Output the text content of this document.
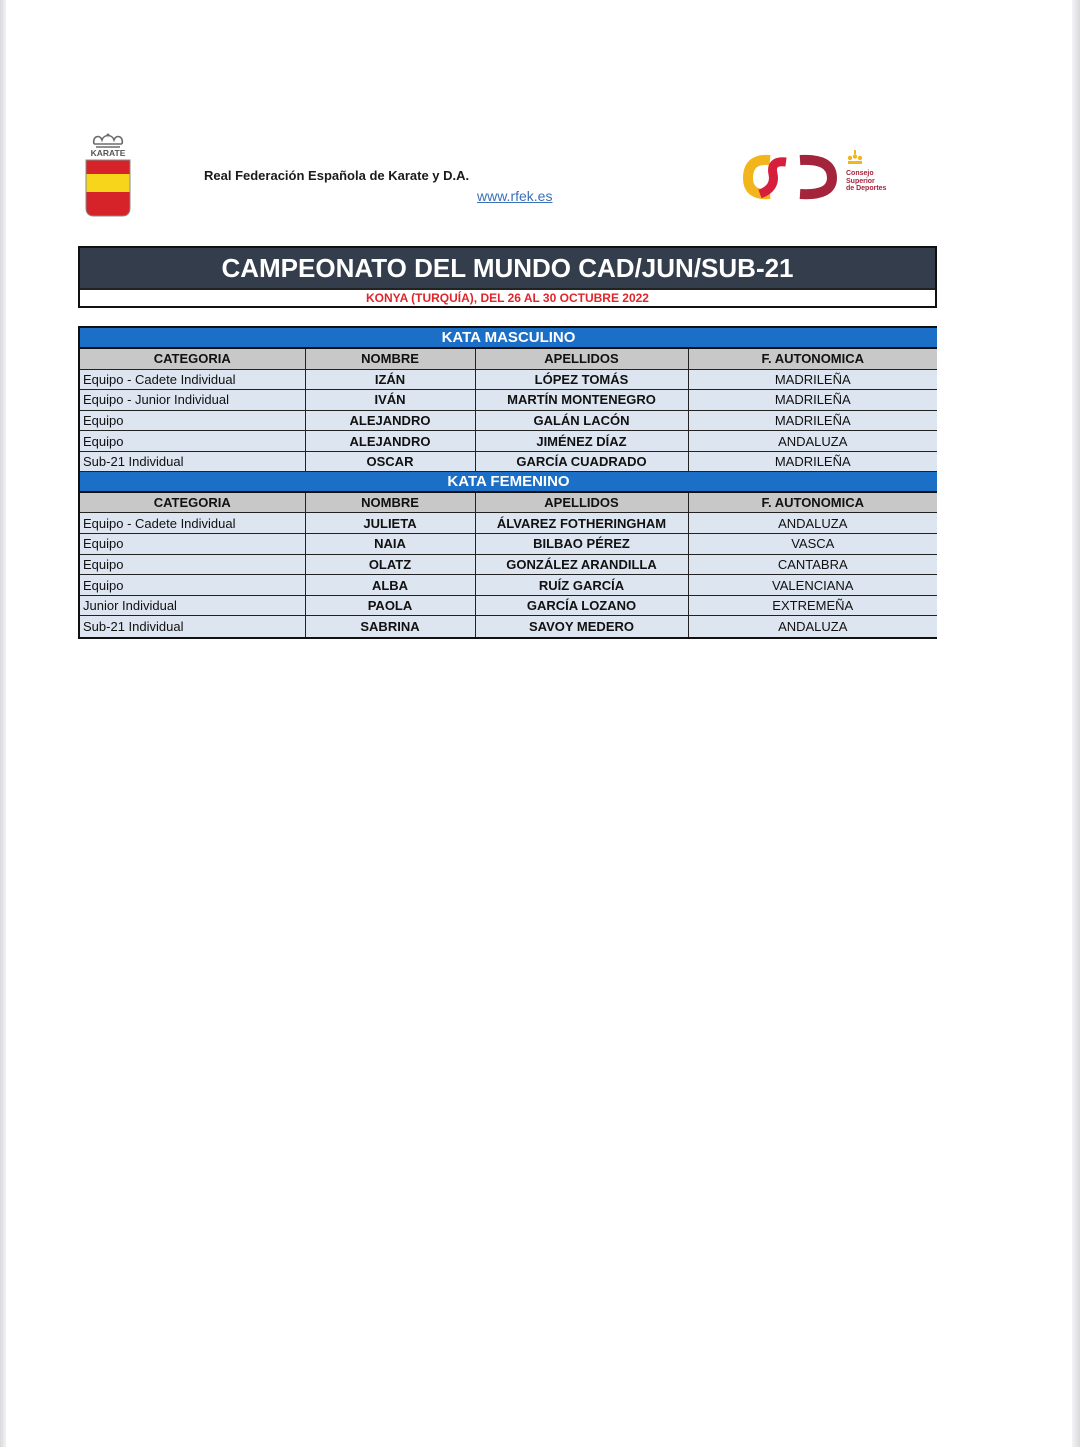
KARATE
Real Federación Española de Karate y D.A.
www.rfek.es
Consejo
Superior
de Deportes
CAMPEONATO DEL MUNDO CAD/JUN/SUB-21
KONYA (TURQUÍA), DEL 26 AL 30 OCTUBRE 2022
KATA MASCULINO			
CATEGORIA	NOMBRE	APELLIDOS	F. AUTONOMICA
Equipo - Cadete Individual	IZÁN	LÓPEZ TOMÁS	MADRILEÑA
Equipo - Junior Individual	IVÁN	MARTÍN MONTENEGRO	MADRILEÑA
Equipo	ALEJANDRO	GALÁN LACÓN	MADRILEÑA
Equipo	ALEJANDRO	JIMÉNEZ DÍAZ	ANDALUZA
Sub-21 Individual	OSCAR	GARCÍA CUADRADO	MADRILEÑA
KATA FEMENINO			
CATEGORIA	NOMBRE	APELLIDOS	F. AUTONOMICA
Equipo - Cadete Individual	JULIETA	ÁLVAREZ FOTHERINGHAM	ANDALUZA
Equipo	NAIA	BILBAO PÉREZ	VASCA
Equipo	OLATZ	GONZÁLEZ ARANDILLA	CANTABRA
Equipo	ALBA	RUÍZ GARCÍA	VALENCIANA
Junior Individual	PAOLA	GARCÍA LOZANO	EXTREMEÑA
Sub-21 Individual	SABRINA	SAVOY MEDERO	ANDALUZA
